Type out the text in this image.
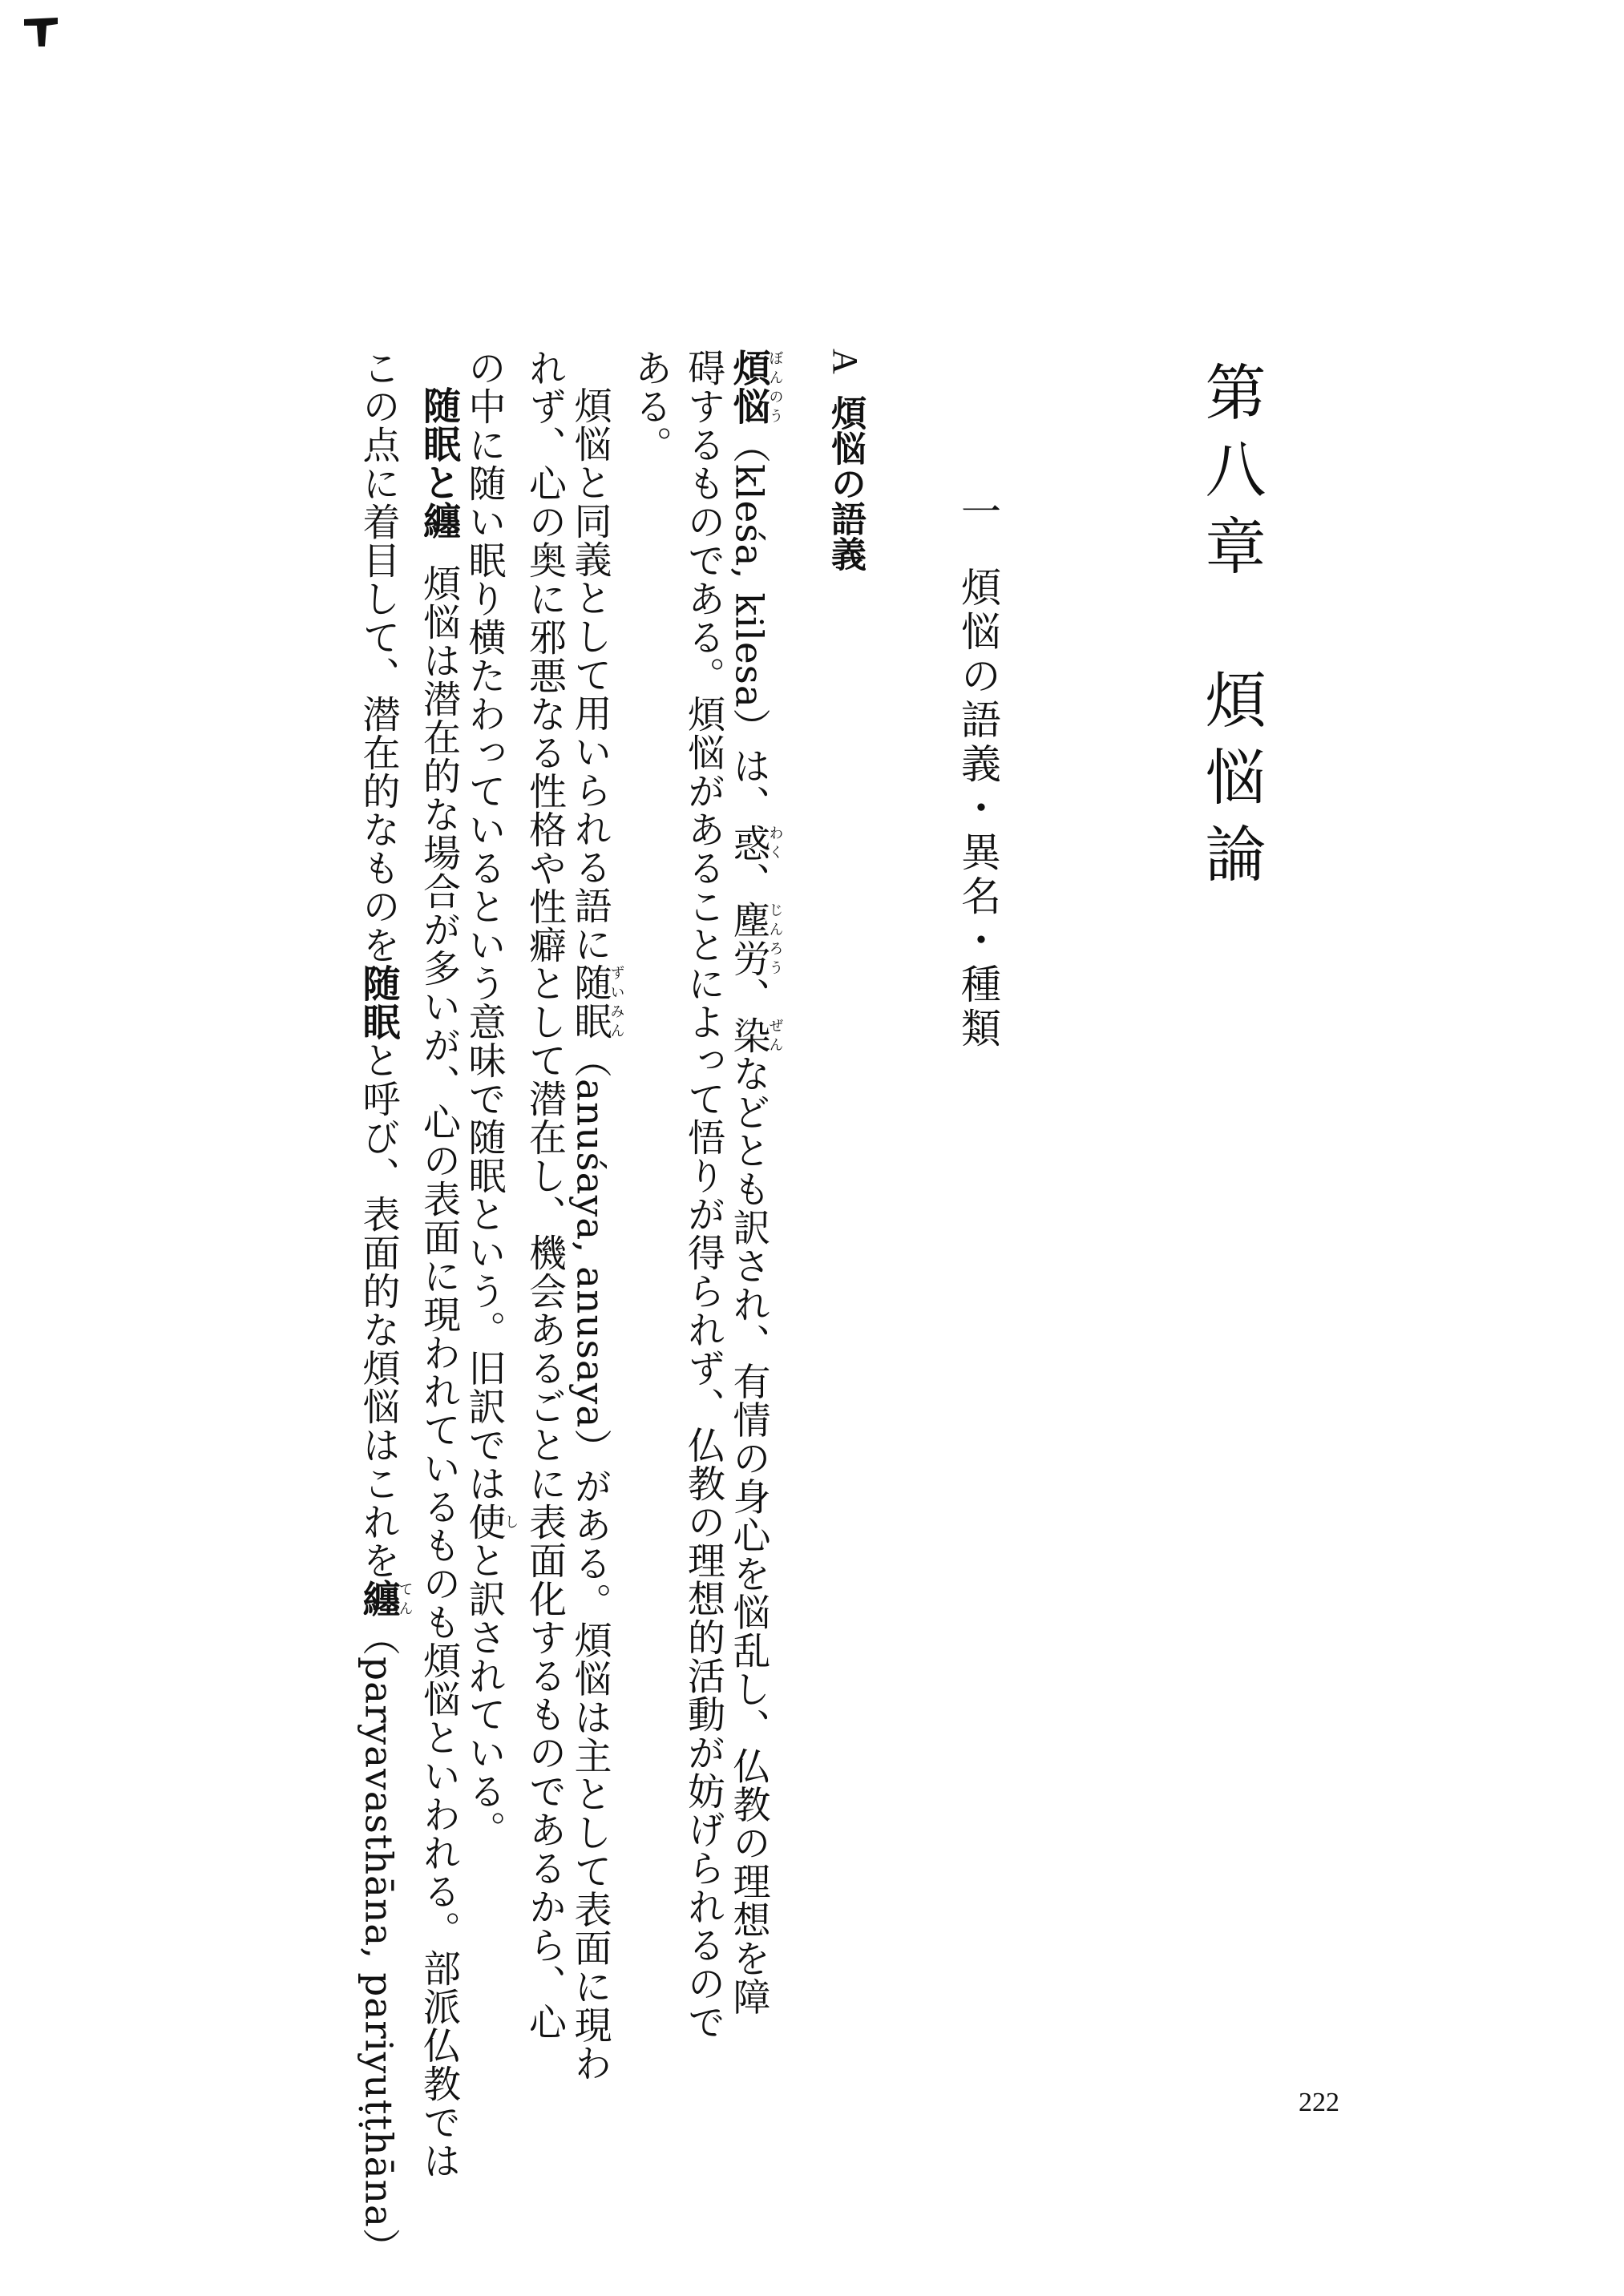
第八章　煩悩論
一煩悩の語義・異名・種類
A煩悩の語義
煩悩ぼんのう（kleśa, kilesa）は、惑わく、塵労じんろう、染ぜんなどとも訳され、有情の身心を悩乱し、仏教の理想を障
碍するものである。煩悩があることによって悟りが得られず、仏教の理想的活動が妨げられるので
ある。
煩悩と同義として用いられる語に随眠ずいみん（anuśaya, anusaya）がある。煩悩は主として表面に現わ
れず、心の奥に邪悪なる性格や性癖として潜在し、機会あるごとに表面化するものであるから、心
の中に随い眠り横たわっているという意味で随眠という。旧訳では使しと訳されている。
随眠と纏煩悩は潜在的な場合が多いが、心の表面に現われているものも煩悩といわれる。部派仏教では
この点に着目して、潜在的なものを随眠と呼び、表面的な煩悩はこれを纏てん（paryavasthāna, pariyuṭṭhāna）	222
